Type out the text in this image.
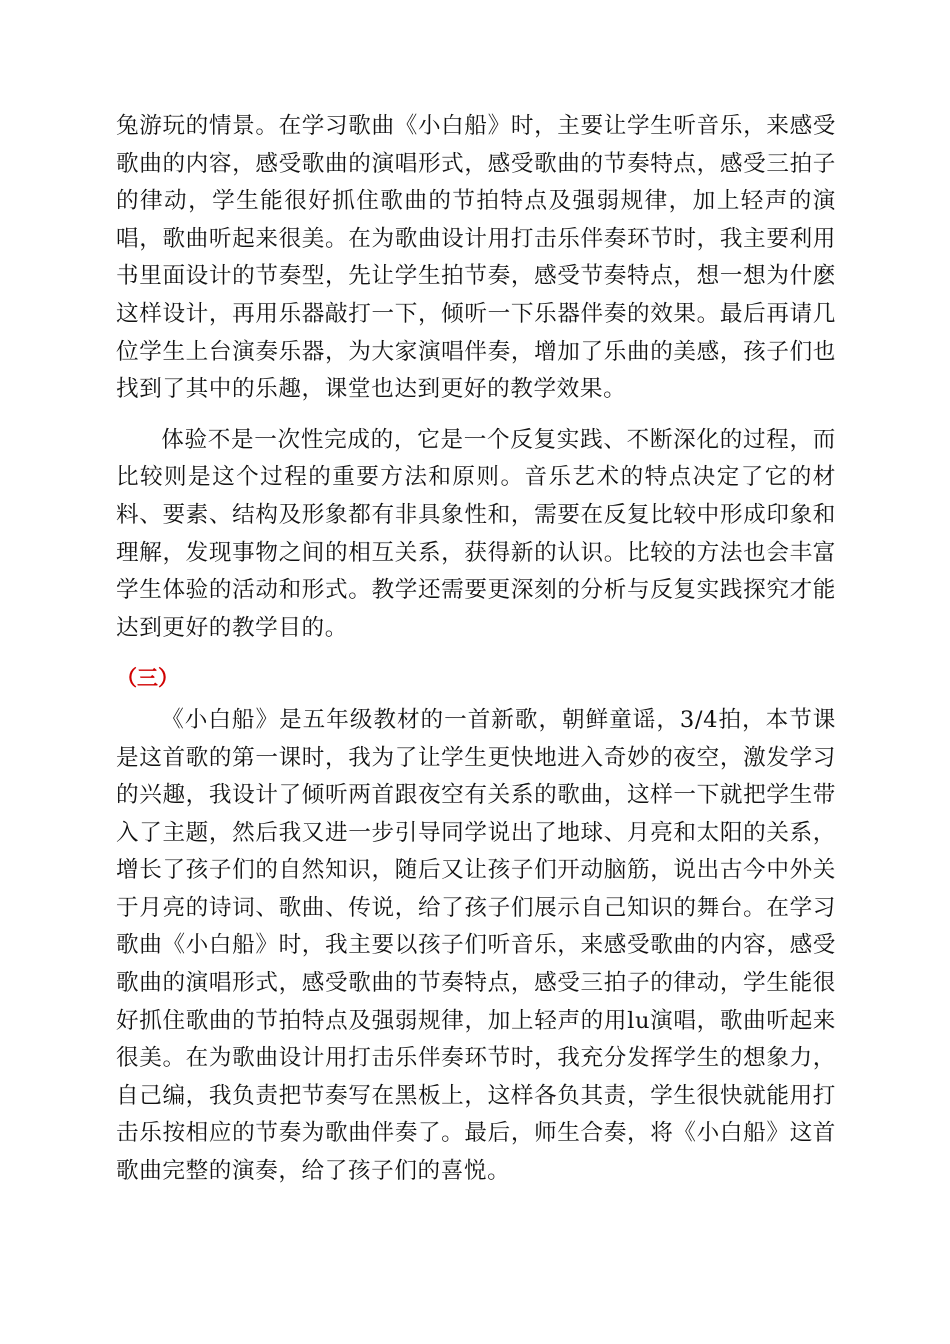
兔游玩的情景。在学习歌曲《小白船》时，主要让学生听音乐，来感受歌曲的内容，感受歌曲的演唱形式，感受歌曲的节奏特点，感受三拍子的律动，学生能很好抓住歌曲的节拍特点及强弱规律，加上轻声的演唱，歌曲听起来很美。在为歌曲设计用打击乐伴奏环节时，我主要利用书里面设计的节奏型，先让学生拍节奏，感受节奏特点，想一想为什麽这样设计，再用乐器敲打一下，倾听一下乐器伴奏的效果。最后再请几位学生上台演奏乐器，为大家演唱伴奏，增加了乐曲的美感，孩子们也找到了其中的乐趣，课堂也达到更好的教学效果。

体验不是一次性完成的，它是一个反复实践、不断深化的过程，而比较则是这个过程的重要方法和原则。音乐艺术的特点决定了它的材料、要素、结构及形象都有非具象性和，需要在反复比较中形成印象和理解，发现事物之间的相互关系，获得新的认识。比较的方法也会丰富学生体验的活动和形式。教学还需要更深刻的分析与反复实践探究才能达到更好的教学目的。

（三）

《小白船》是五年级教材的一首新歌，朝鲜童谣，3/4拍，本节课是这首歌的第一课时，我为了让学生更快地进入奇妙的夜空，激发学习的兴趣，我设计了倾听两首跟夜空有关系的歌曲，这样一下就把学生带入了主题，然后我又进一步引导同学说出了地球、月亮和太阳的关系，增长了孩子们的自然知识，随后又让孩子们开动脑筋，说出古今中外关于月亮的诗词、歌曲、传说，给了孩子们展示自己知识的舞台。在学习歌曲《小白船》时，我主要以孩子们听音乐，来感受歌曲的内容，感受歌曲的演唱形式，感受歌曲的节奏特点，感受三拍子的律动，学生能很好抓住歌曲的节拍特点及强弱规律，加上轻声的用lu演唱，歌曲听起来很美。在为歌曲设计用打击乐伴奏环节时，我充分发挥学生的想象力，自己编，我负责把节奏写在黑板上，这样各负其责，学生很快就能用打击乐按相应的节奏为歌曲伴奏了。最后，师生合奏，将《小白船》这首歌曲完整的演奏，给了孩子们的喜悦。
